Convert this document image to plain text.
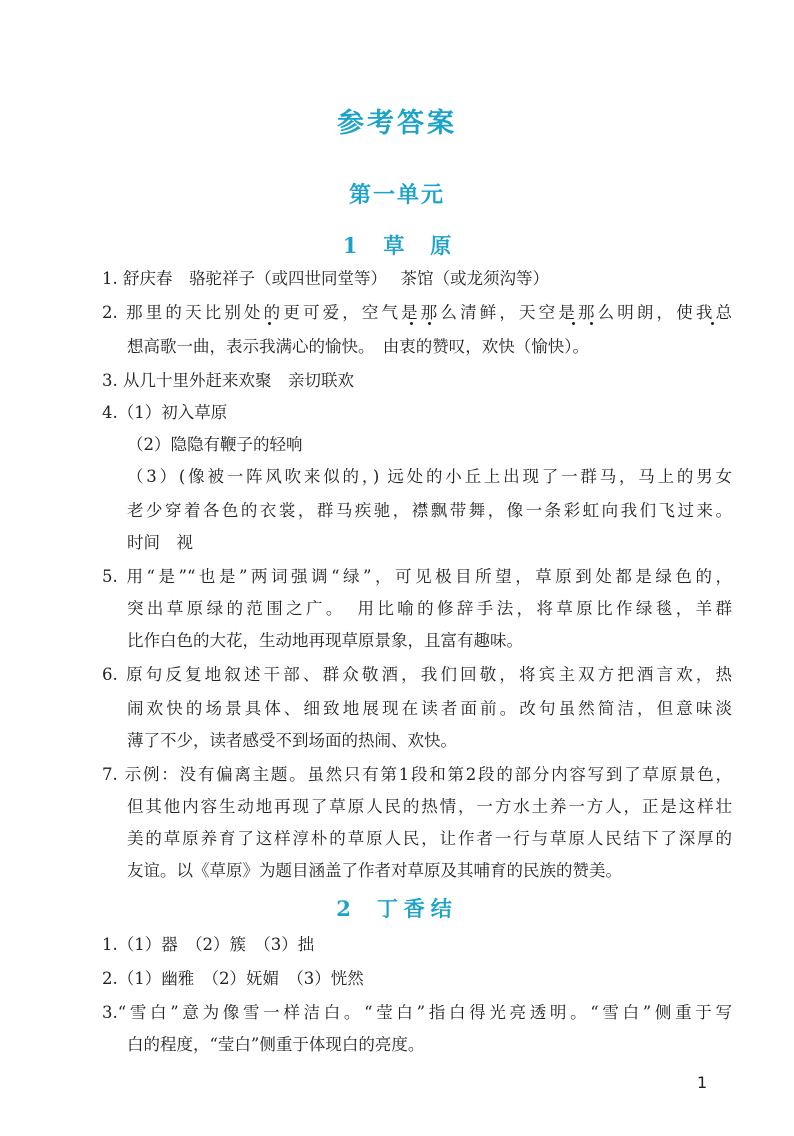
参考答案
第一单元
1 草原
1. 舒庆春　骆驼祥子（或四世同堂等）　 茶馆（或龙须沟等）
2. 那里的天比别处的更可爱，空气是那么清鲜，天空是那么明朗，使我总
想高歌一曲，表示我满心的愉快。　由衷的赞叹，欢快（愉快）。
3. 从几十里外赶来欢聚　亲切联欢
4.（1）初入草原
（2）隐隐有鞭子的轻响
（3）(像被一阵风吹来似的，) 远处的小丘上出现了一群马，马上的男女
老少穿着各色的衣裳，群马疾驰，襟飘带舞，像一条彩虹向我们飞过来。
时间　视
5. 用“是”“也是”两词强调“绿”，可见极目所望，草原到处都是绿色的，
突出草原绿的范围之广。　用比喻的修辞手法，将草原比作绿毯，羊群
比作白色的大花，生动地再现草原景象，且富有趣味。
6. 原句反复地叙述干部、群众敬酒，我们回敬，将宾主双方把酒言欢，热
闹欢快的场景具体、细致地展现在读者面前。改句虽然简洁，但意味淡
薄了不少，读者感受不到场面的热闹、欢快。
7. 示例：没有偏离主题。虽然只有第1段和第2段的部分内容写到了草原景色，
但其他内容生动地再现了草原人民的热情，一方水土养一方人，正是这样壮
美的草原养育了这样淳朴的草原人民，让作者一行与草原人民结下了深厚的
友谊。以《草原》为题目涵盖了作者对草原及其哺育的民族的赞美。
2 丁香结
1.（1）器　（2）簇　（3）拙
2.（1）幽雅　（2）妩媚　（3）恍然
3.“雪白”意为像雪一样洁白。“莹白”指白得光亮透明。“雪白”侧重于写
白的程度，“莹白”侧重于体现白的亮度。
1
